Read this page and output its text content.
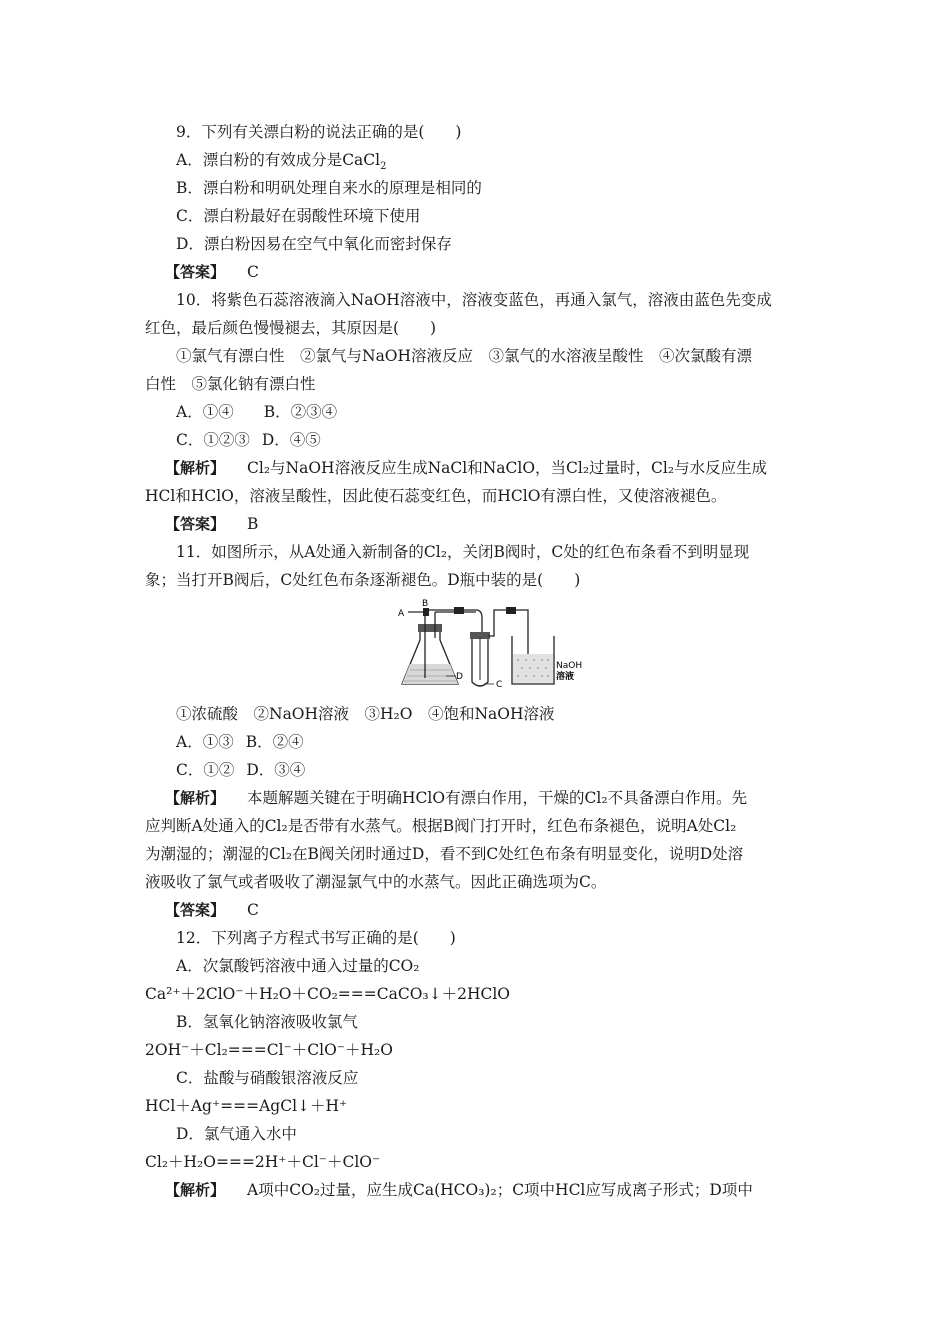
9．下列有关漂白粉的说法正确的是(　　)
A．漂白粉的有效成分是CaCl$_2$
B．漂白粉和明矾处理自来水的原理是相同的
C．漂白粉最好在弱酸性环境下使用
D．漂白粉因易在空气中氧化而密封保存
【答案】 C
10．将紫色石蕊溶液滴入NaOH溶液中，溶液变蓝色，再通入氯气，溶液由蓝色先变成
红色，最后颜色慢慢褪去，其原因是(　　)
①氯气有漂白性　②氯气与NaOH溶液反应　③氯气的水溶液呈酸性　④次氯酸有漂
白性　⑤氯化钠有漂白性
A．①④ B．②③④
C．①②③ D．④⑤
【解析】 Cl₂与NaOH溶液反应生成NaCl和NaClO，当Cl₂过量时，Cl₂与水反应生成
HCl和HClO，溶液呈酸性，因此使石蕊变红色，而HClO有漂白性，又使溶液褪色。
【答案】 B
11．如图所示，从A处通入新制备的Cl₂，关闭B阀时，C处的红色布条看不到明显现
象；当打开B阀后，C处红色布条逐渐褪色。D瓶中装的是(　　)
A
B
C
D
NaOH
溶液
①浓硫酸　②NaOH溶液　③H₂O　④饱和NaOH溶液
A．①③ B．②④
C．①② D．③④
【解析】 本题解题关键在于明确HClO有漂白作用，干燥的Cl₂不具备漂白作用。先
应判断A处通入的Cl₂是否带有水蒸气。根据B阀门打开时，红色布条褪色，说明A处Cl₂
为潮湿的；潮湿的Cl₂在B阀关闭时通过D，看不到C处红色布条有明显变化，说明D处溶
液吸收了氯气或者吸收了潮湿氯气中的水蒸气。因此正确选项为C。
【答案】 C
12．下列离子方程式书写正确的是(　　)
A．次氯酸钙溶液中通入过量的CO₂
Ca²⁺＋2ClO⁻＋H₂O＋CO₂===CaCO₃↓＋2HClO
B．氢氧化钠溶液吸收氯气
2OH⁻＋Cl₂===Cl⁻＋ClO⁻＋H₂O
C．盐酸与硝酸银溶液反应
HCl＋Ag⁺===AgCl↓＋H⁺
D．氯气通入水中
Cl₂＋H₂O===2H⁺＋Cl⁻＋ClO⁻
【解析】 A项中CO₂过量，应生成Ca(HCO₃)₂；C项中HCl应写成离子形式；D项中
